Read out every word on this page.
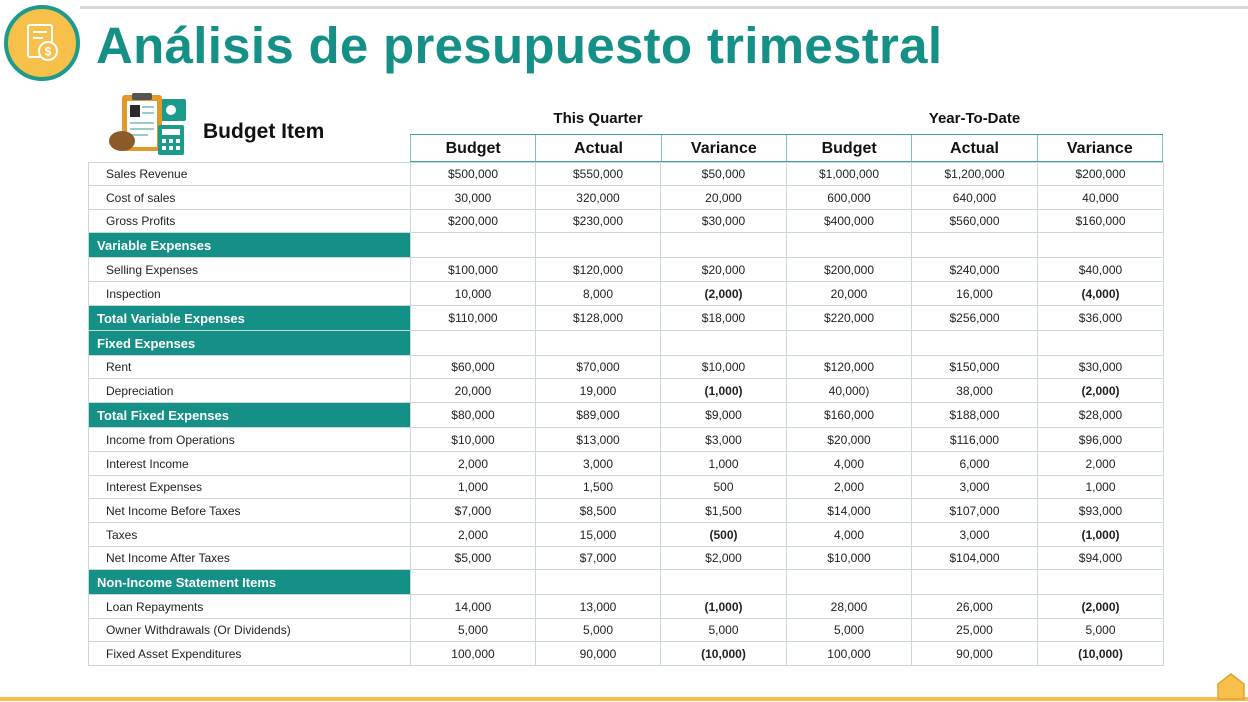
$ Análisis de presupuesto trimestral
Budget Item
This Quarter	Year-To-Date
Budget	Actual	Variance	Budget	Actual	Variance
Sales Revenue	$500,000	$550,000	$50,000	$1,000,000	$1,200,000	$200,000
Cost of sales	30,000	320,000	20,000	600,000	640,000	40,000
Gross Profits	$200,000	$230,000	$30,000	$400,000	$560,000	$160,000
Variable Expenses						
Selling Expenses	$100,000	$120,000	$20,000	$200,000	$240,000	$40,000
Inspection	10,000	8,000	(2,000)	20,000	16,000	(4,000)
Total Variable Expenses	$110,000	$128,000	$18,000	$220,000	$256,000	$36,000
Fixed Expenses						
Rent	$60,000	$70,000	$10,000	$120,000	$150,000	$30,000
Depreciation	20,000	19,000	(1,000)	40,000)	38,000	(2,000)
Total Fixed Expenses	$80,000	$89,000	$9,000	$160,000	$188,000	$28,000
Income from Operations	$10,000	$13,000	$3,000	$20,000	$116,000	$96,000
Interest Income	2,000	3,000	1,000	4,000	6,000	2,000
Interest Expenses	1,000	1,500	500	2,000	3,000	1,000
Net Income Before Taxes	$7,000	$8,500	$1,500	$14,000	$107,000	$93,000
Taxes	2,000	15,000	(500)	4,000	3,000	(1,000)
Net Income After Taxes	$5,000	$7,000	$2,000	$10,000	$104,000	$94,000
Non-Income Statement Items						
Loan Repayments	14,000	13,000	(1,000)	28,000	26,000	(2,000)
Owner Withdrawals (Or Dividends)	5,000	5,000	5,000	5,000	25,000	5,000
Fixed Asset Expenditures	100,000	90,000	(10,000)	100,000	90,000	(10,000)
